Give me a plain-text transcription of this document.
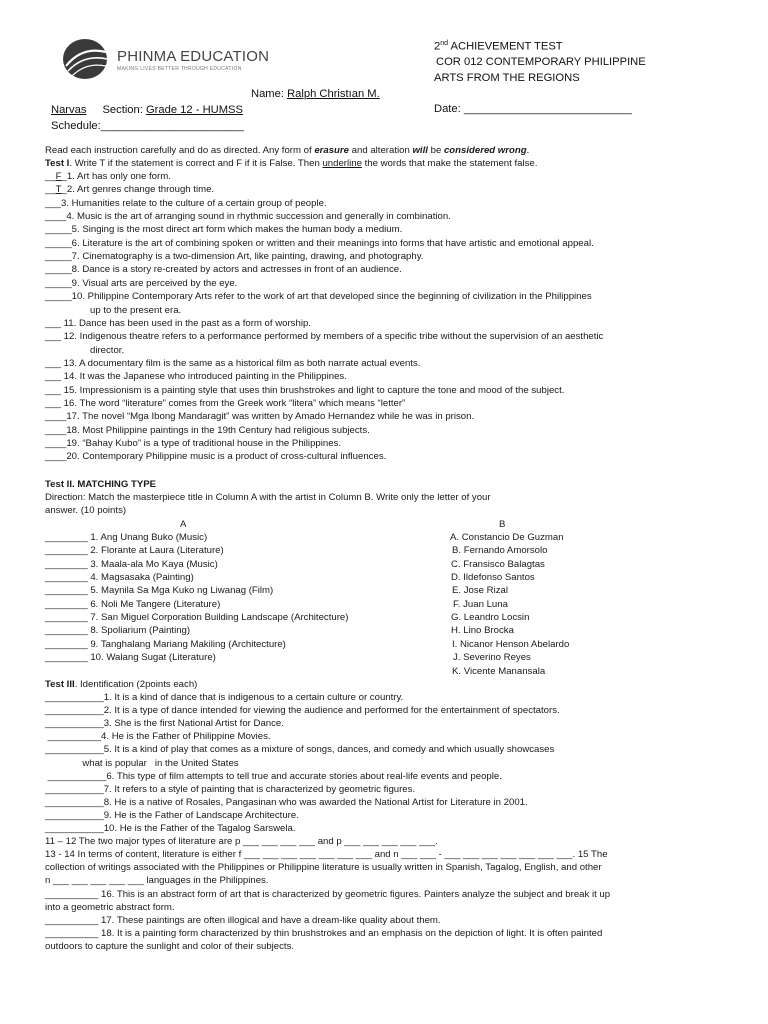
PHINMA EDUCATION
MAKING LIVES BETTER THROUGH EDUCATION
2nd ACHIEVEMENT TEST
COR 012 CONTEMPORARY PHILIPPINE
ARTS FROM THE REGIONS
Name: Ralph Christıan M.
Narvas Section: Grade 12 - HUMSS	Date: ___________________________
Schedule:_______________________
Read each instruction carefully and do as directed. Any form of erasure and alteration will be considered wrong.
Test I. Write T if the statement is correct and F if it is False. Then underline the words that make the statement false.
__F_1. Art has only one form.
__T_2. Art genres change through time.
___3. Humanities relate to the culture of a certain group of people.
____4. Music is the art of arranging sound in rhythmic succession and generally in combination.
_____5. Singing is the most direct art form which makes the human body a medium.
_____6. Literature is the art of combining spoken or written and their meanings into forms that have artistic and emotional appeal.
_____7. Cinematography is a two-dimension Art, like painting, drawing, and photography.
_____8. Dance is a story re-created by actors and actresses in front of an audience.
_____9. Visual arts are perceived by the eye.
_____10. Philippine Contemporary Arts refer to the work of art that developed since the beginning of civilization in the Philippines
up to the present era.
___ 11. Dance has been used in the past as a form of worship.
___ 12. Indigenous theatre refers to a performance performed by members of a specific tribe without the supervision of an aesthetic
director.
___ 13. A documentary film is the same as a historical film as both narrate actual events.
___ 14. It was the Japanese who introduced painting in the Philippines.
___ 15. Impressionism is a painting style that uses thin brushstrokes and light to capture the tone and mood of the subject.
___ 16. The word “literature” comes from the Greek work “litera” which means “letter”
____17. The novel “Mga Ibong Mandaragit” was written by Amado Hernandez while he was in prison.
____18. Most Philippine paintings in the 19th Century had religious subjects.
____19. “Bahay Kubo” is a type of traditional house in the Philippines.
____20. Contemporary Philippine music is a product of cross-cultural influences.
Test II. MATCHING TYPE
Direction: Match the masterpiece title in Column A with the artist in Column B. Write only the letter of your
answer. (10 points)
A	B
________ 1. Ang Unang Buko (Music)
________ 2. Florante at Laura (Literature)
________ 3. Maala-ala Mo Kaya (Music)
________ 4. Magsasaka (Painting)
________ 5. Maynila Sa Mga Kuko ng Liwanag (Film)
________ 6. Noli Me Tangere (Literature)
________ 7. San Miguel Corporation Building Landscape (Architecture)
________ 8. Spoliarium (Painting)
________ 9. Tanghalang Mariang Makiling (Architecture)
________ 10. Walang Sugat (Literature)
A. Constancio De Guzman
B. Fernando Amorsolo
C. Fransisco Balagtas
D. Ildefonso Santos
E. Jose Rizal
F. Juan Luna
G. Leandro Locsin
H. Lino Brocka
I. Nicanor Henson Abelardo
J. Severino Reyes
K. Vicente Manansala
Test III. Identification (2points each)
___________1. It is a kind of dance that is indigenous to a certain culture or country.
___________2. It is a type of dance intended for viewing the audience and performed for the entertainment of spectators.
___________3. She is the first National Artist for Dance.
__________4. He is the Father of Philippine Movies.
___________5. It is a kind of play that comes as a mixture of songs, dances, and comedy and which usually showcases
what is popular   in the United States
___________6. This type of film attempts to tell true and accurate stories about real-life events and people.
___________7. It refers to a style of painting that is characterized by geometric figures.
___________8. He is a native of Rosales, Pangasinan who was awarded the National Artist for Literature in 2001.
___________9. He is the Father of Landscape Architecture.
___________10. He is the Father of the Tagalog Sarswela.
11 – 12 The two major types of literature are p ___ ___ ___ ___ and p ___ ___ ___ ___ ___.
13 - 14 In terms of content, literature is either f ___ ___ ___ ___ ___ ___ ___ and n ___ ___ - ___ ___ ___ ___ ___ ___ ___. 15 The
collection of writings associated with the Philippines or Philippine literature is usually written in Spanish, Tagalog, English, and other
n ___ ___ ___ ___ ___ languages in the Philippines.
__________ 16. This is an abstract form of art that is characterized by geometric figures. Painters analyze the subject and break it up
into a geometric abstract form.
__________ 17. These paintings are often illogical and have a dream-like quality about them.
__________ 18. It is a painting form characterized by thin brushstrokes and an emphasis on the depiction of light. It is often painted
outdoors to capture the sunlight and color of their subjects.
